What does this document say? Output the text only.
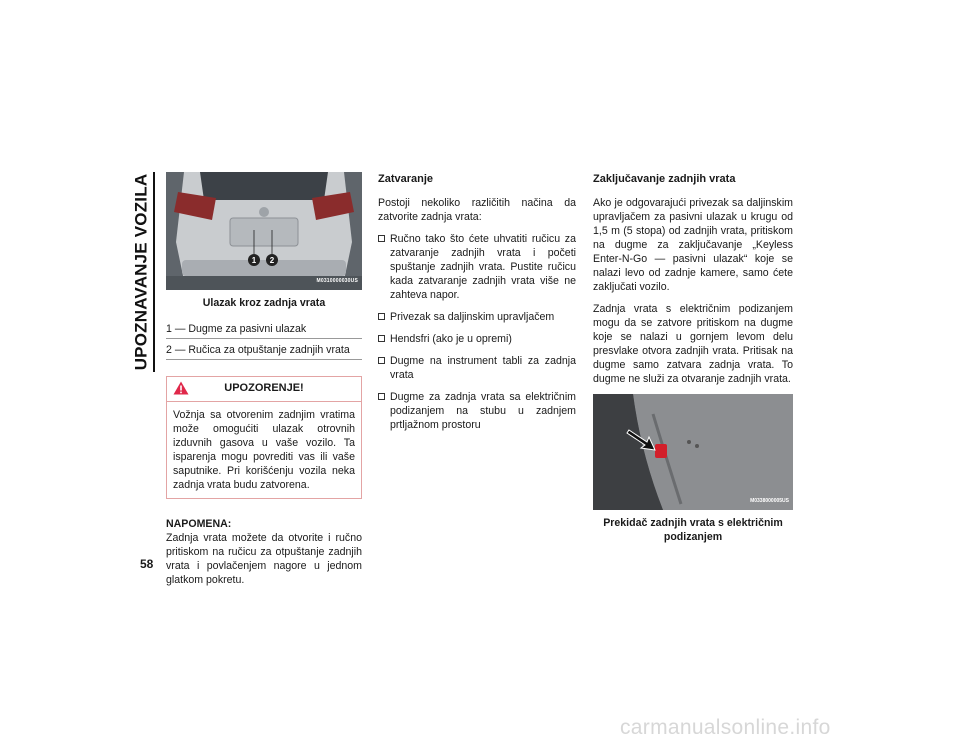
UPOZNAVANJE VOZILA
58
1 2
M0310000030US
Ulazak kroz zadnja vrata
1 — Dugme za pasivni ulazak
2 — Ručica za otpuštanje zadnjih vrata
UPOZORENJE!
Vožnja sa otvorenim zadnjim vratima može omogućiti ulazak otrovnih izduvnih gasova u vaše vozilo. Ta isparenja mogu povrediti vas ili vaše saputnike. Pri korišćenju vozila neka zadnja vrata budu zatvorena.
NAPOMENA:
Zadnja vrata možete da otvorite i ručno pritiskom na ručicu za otpuštanje zadnjih vrata i povlačenjem nagore u jednom glatkom pokretu.
Zatvaranje

Postoji nekoliko različitih načina da zatvorite zadnja vrata:

Ručno tako što ćete uhvatiti ručicu za zatvaranje zadnjih vrata i početi spuštanje zadnjih vrata. Pustite ručicu kada zatvaranje zadnjih vrata više ne zahteva napor.
Privezak sa daljinskim upravljačem
Hendsfri (ako je u opremi)
Dugme na instrument tabli za zadnja vrata
Dugme za zadnja vrata sa električnim podizanjem na stubu u zadnjem prtljažnom prostoru
Zaključavanje zadnjih vrata

Ako je odgovarajući privezak sa daljinskim upravljačem za pasivni ulazak u krugu od 1,5 m (5 stopa) od zadnjih vrata, pritiskom na dugme za zaključavanje „Keyless Enter-N-Go — pasivni ulazak“ koje se nalazi levo od zadnje kamere, samo ćete zaključati vozilo.

Zadnja vrata s električnim podizanjem mogu da se zatvore pritiskom na dugme koje se nalazi u gornjem levom delu presvlake otvora zadnjih vrata. Pritisak na dugme samo zatvara zadnja vrata. To dugme ne služi za otvaranje zadnjih vrata.

M0338000005US
Prekidač zadnjih vrata s električnim podizanjem
carmanualsonline.info
